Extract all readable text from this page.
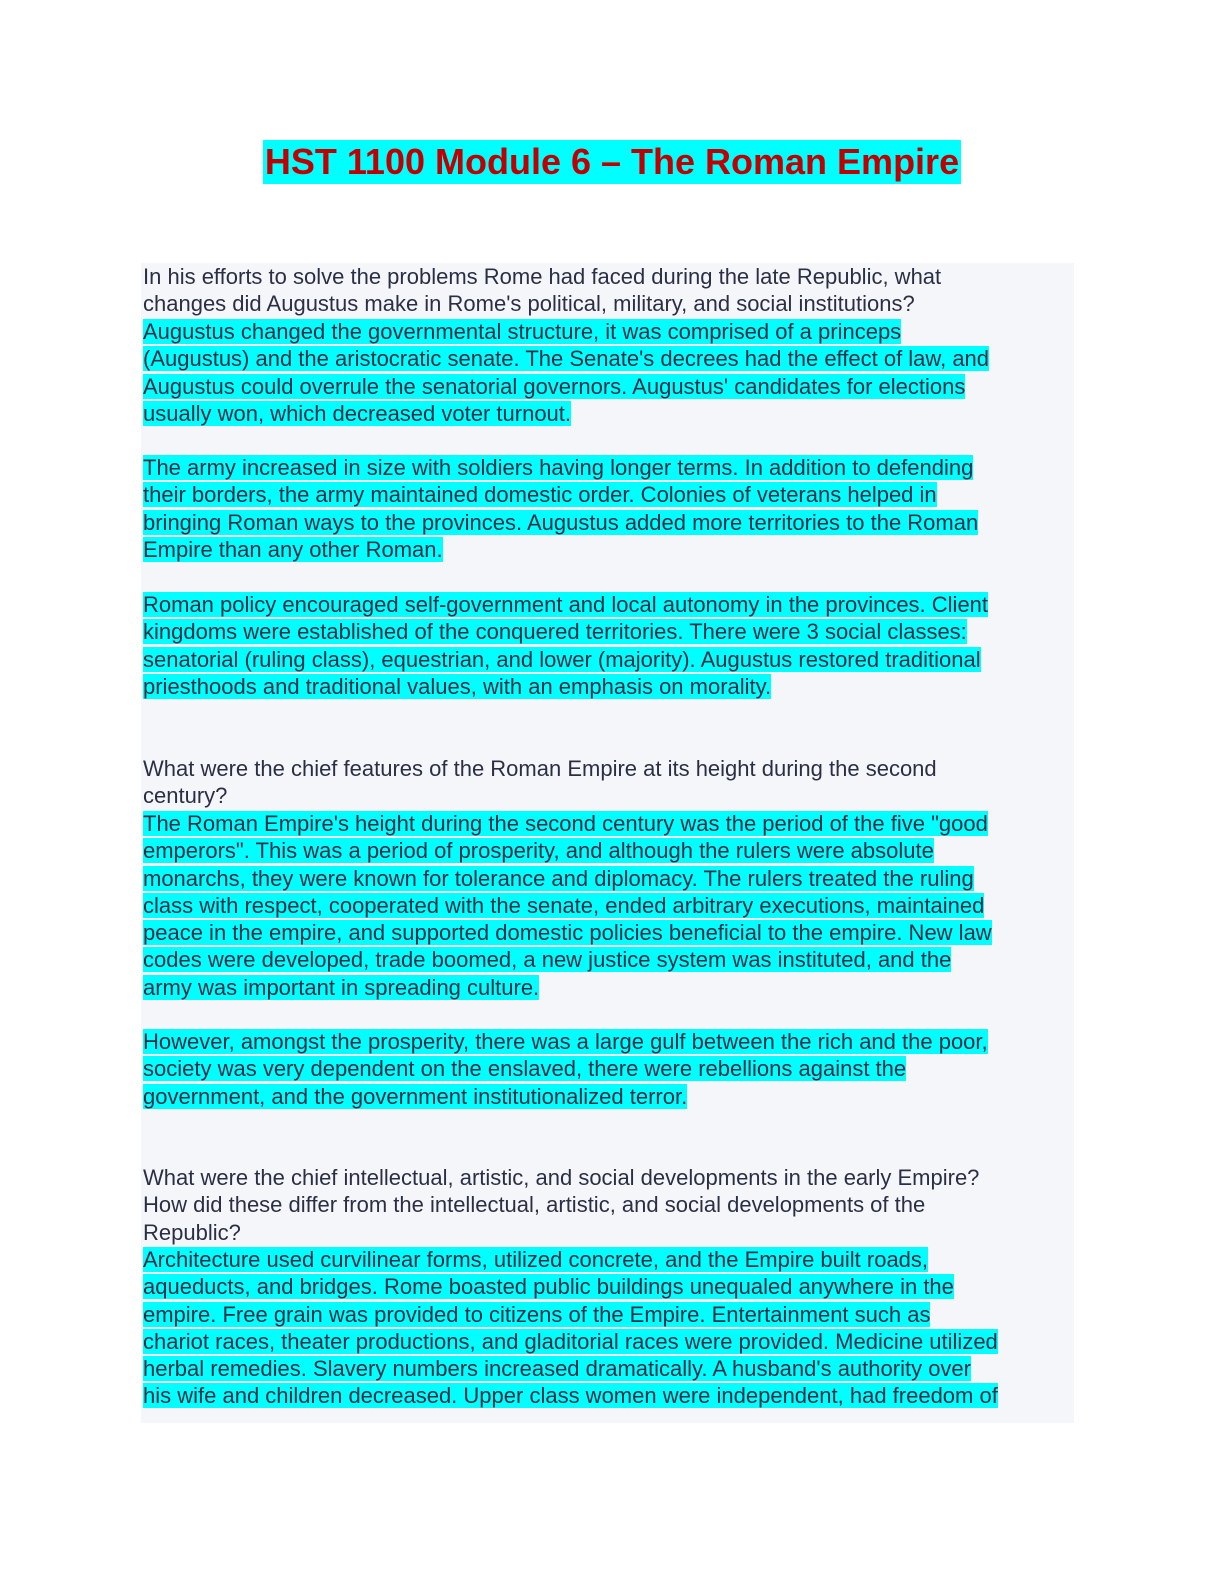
HST 1100 Module 6 – The Roman Empire
In his efforts to solve the problems Rome had faced during the late Republic, what
changes did Augustus make in Rome's political, military, and social institutions?
Augustus changed the governmental structure, it was comprised of a princeps
(Augustus) and the aristocratic senate. The Senate's decrees had the effect of law, and
Augustus could overrule the senatorial governors. Augustus' candidates for elections
usually won, which decreased voter turnout.
The army increased in size with soldiers having longer terms. In addition to defending
their borders, the army maintained domestic order. Colonies of veterans helped in
bringing Roman ways to the provinces. Augustus added more territories to the Roman
Empire than any other Roman.
Roman policy encouraged self-government and local autonomy in the provinces. Client
kingdoms were established of the conquered territories. There were 3 social classes:
senatorial (ruling class), equestrian, and lower (majority). Augustus restored traditional
priesthoods and traditional values, with an emphasis on morality.
What were the chief features of the Roman Empire at its height during the second
century?
The Roman Empire's height during the second century was the period of the five "good
emperors". This was a period of prosperity, and although the rulers were absolute
monarchs, they were known for tolerance and diplomacy. The rulers treated the ruling
class with respect, cooperated with the senate, ended arbitrary executions, maintained
peace in the empire, and supported domestic policies beneficial to the empire. New law
codes were developed, trade boomed, a new justice system was instituted, and the
army was important in spreading culture.
However, amongst the prosperity, there was a large gulf between the rich and the poor,
society was very dependent on the enslaved, there were rebellions against the
government, and the government institutionalized terror.
What were the chief intellectual, artistic, and social developments in the early Empire?
How did these differ from the intellectual, artistic, and social developments of the
Republic?
Architecture used curvilinear forms, utilized concrete, and the Empire built roads,
aqueducts, and bridges. Rome boasted public buildings unequaled anywhere in the
empire. Free grain was provided to citizens of the Empire. Entertainment such as
chariot races, theater productions, and gladitorial races were provided. Medicine utilized
herbal remedies. Slavery numbers increased dramatically. A husband's authority over
his wife and children decreased. Upper class women were independent, had freedom of
